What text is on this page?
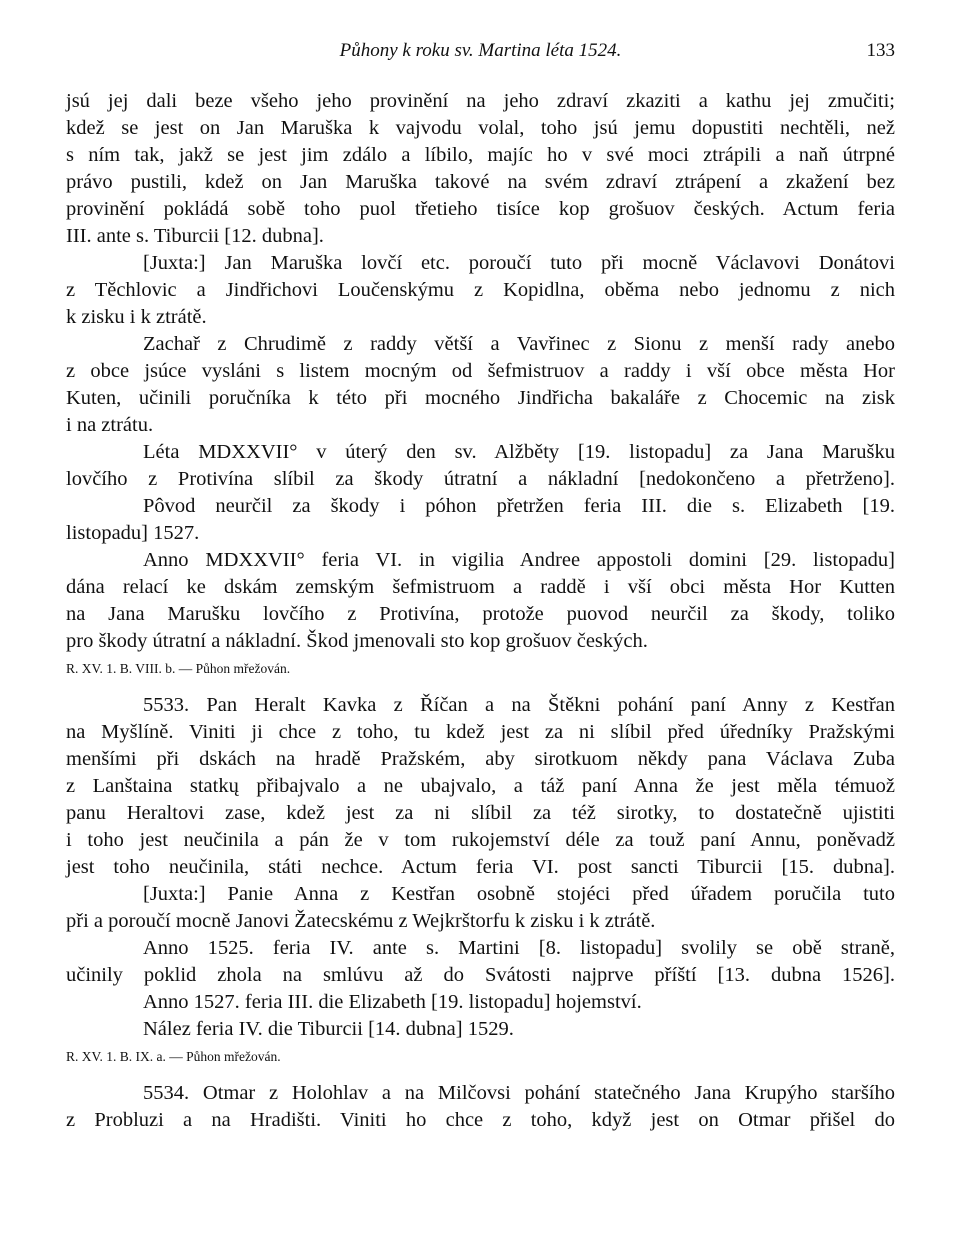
Půhony k roku sv. Martina léta 1524.	133
jsú jej dali beze všeho jeho provinění na jeho zdraví zkaziti a kathu jej zmučiti;
kdež se jest on Jan Maruška k vajvodu volal, toho jsú jemu dopustiti nechtěli, než
s ním tak, jakž se jest jim zdálo a líbilo, majíc ho v své moci ztrápili a naň útrpné
právo pustili, kdež on Jan Maruška takové na svém zdraví ztrápení a zkažení bez
provinění pokládá sobě toho puol třetieho tisíce kop grošuov českých. Actum feria
III. ante s. Tiburcii [12. dubna].
[Juxta:] Jan Maruška lovčí etc. poroučí tuto při mocně Václavovi Donátovi
z Těchlovic a Jindřichovi Loučenskýmu z Kopidlna, oběma nebo jednomu z nich
k zisku i k ztrátě.
Zachař z Chrudimě z raddy větší a Vavřinec z Sionu z menší rady anebo
z obce jsúce vysláni s listem mocným od šefmistruov a raddy i vší obce města Hor
Kuten, učinili poručníka k této při mocného Jindřicha bakaláře z Chocemic na zisk
i na ztrátu.
Léta MDXXVII° v úterý den sv. Alžběty [19. listopadu] za Jana Marušku
lovčího z Protivína slíbil za škody útratní a nákladní [nedokončeno a přetrženo].
Pôvod neurčil za škody i póhon přetržen feria III. die s. Elizabeth [19.
listopadu] 1527.
Anno MDXXVII° feria VI. in vigilia Andree appostoli domini [29. listopadu]
dána relací ke dskám zemským šefmistruom a raddě i vší obci města Hor Kutten
na Jana Marušku lovčího z Protivína, protože puovod neurčil za škody, toliko
pro škody útratní a nákladní. Škod jmenovali sto kop grošuov českých.
R. XV. 1. B. VIII. b. — Půhon mřežován.
5533. Pan Heralt Kavka z Říčan a na Štěkni pohání paní Anny z Kestřan
na Myšlíně. Viniti ji chce z toho, tu kdež jest za ni slíbil před úředníky Pražskými
menšími při dskách na hradě Pražském, aby sirotkuom někdy pana Václava Zuba
z Lanštaina statkų přibajvalo a ne ubajvalo, a táž paní Anna že jest měla témuož
panu Heraltovi zase, kdež jest za ni slíbil za též sirotky, to dostatečně ujistiti
i toho jest neučinila a pán že v tom rukojemství déle za touž paní Annu, poněvadž
jest toho neučinila, státi nechce. Actum feria VI. post sancti Tiburcii [15. dubna].
[Juxta:] Panie Anna z Kestřan osobně stojéci před úřadem poručila tuto
při a poroučí mocně Janovi Žatecskému z Wejkrštorfu k zisku i k ztrátě.
Anno 1525. feria IV. ante s. Martini [8. listopadu] svolily se obě straně,
učinily poklid zhola na smlúvu až do Svátosti najprve příští [13. dubna 1526].
Anno 1527. feria III. die Elizabeth [19. listopadu] hojemství.
Nález feria IV. die Tiburcii [14. dubna] 1529.
R. XV. 1. B. IX. a. — Půhon mřežován.
5534. Otmar z Holohlav a na Milčovsi pohání statečného Jana Krupýho staršího
z Probluzi a na Hradišti. Viniti ho chce z toho, když jest on Otmar přišel do
